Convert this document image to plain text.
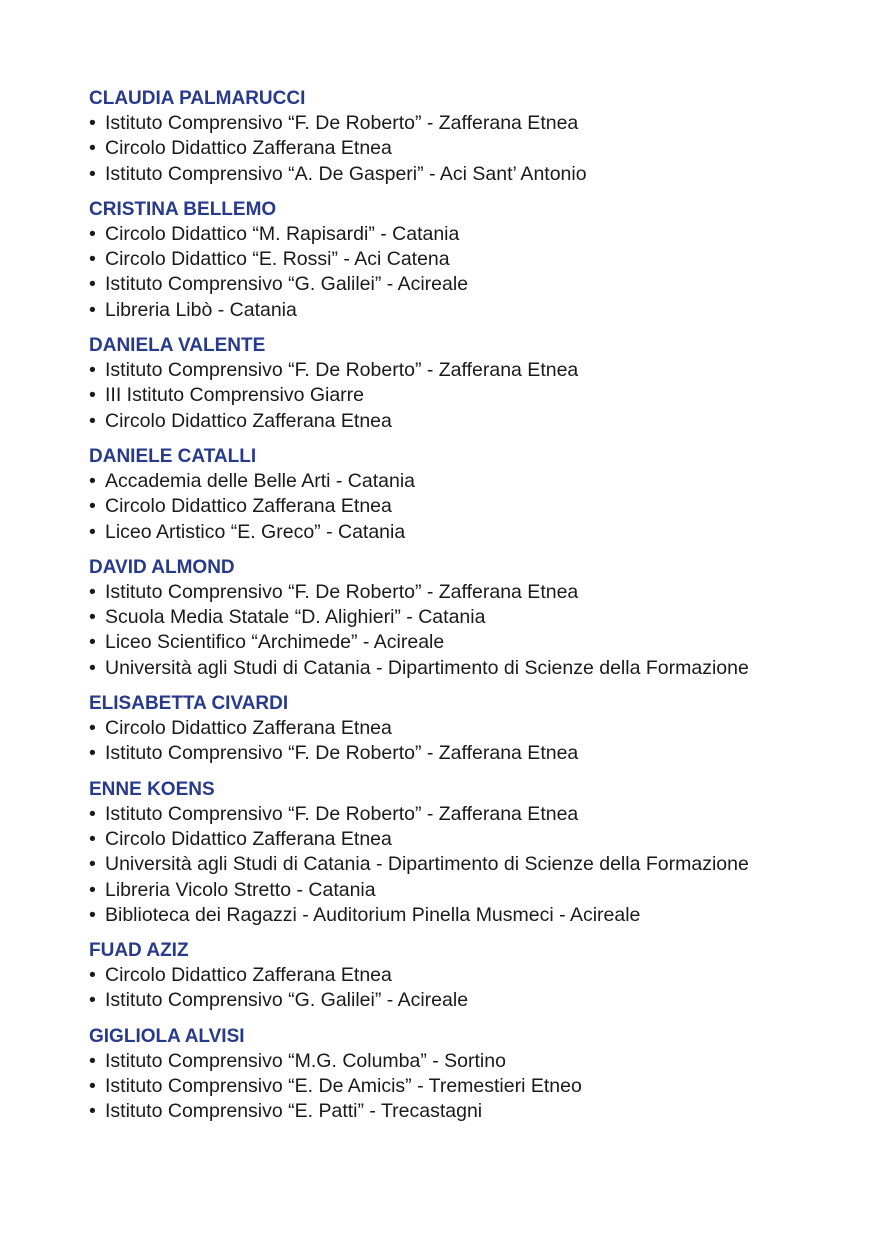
CLAUDIA PALMARUCCI
• Istituto Comprensivo “F. De Roberto” - Zafferana Etnea
• Circolo Didattico Zafferana Etnea
• Istituto Comprensivo “A. De Gasperi” - Aci Sant’ Antonio
CRISTINA BELLEMO
• Circolo Didattico “M. Rapisardi” - Catania
• Circolo Didattico “E. Rossi” - Aci Catena
• Istituto Comprensivo “G. Galilei” - Acireale
• Libreria Libò - Catania
DANIELA VALENTE
• Istituto Comprensivo “F. De Roberto” - Zafferana Etnea
• III Istituto Comprensivo Giarre
• Circolo Didattico Zafferana Etnea
DANIELE CATALLI
• Accademia delle Belle Arti - Catania
• Circolo Didattico Zafferana Etnea
• Liceo Artistico “E. Greco” - Catania
DAVID ALMOND
• Istituto Comprensivo “F. De Roberto” - Zafferana Etnea
• Scuola Media Statale “D. Alighieri” - Catania
• Liceo Scientifico “Archimede” - Acireale
• Università agli Studi di Catania - Dipartimento di Scienze della Formazione
ELISABETTA CIVARDI
• Circolo Didattico Zafferana Etnea
• Istituto Comprensivo “F. De Roberto” - Zafferana Etnea
ENNE KOENS
• Istituto Comprensivo “F. De Roberto” - Zafferana Etnea
• Circolo Didattico Zafferana Etnea
• Università agli Studi di Catania - Dipartimento di Scienze della Formazione
• Libreria Vicolo Stretto - Catania
• Biblioteca dei Ragazzi - Auditorium Pinella Musmeci - Acireale
FUAD AZIZ
• Circolo Didattico Zafferana Etnea
• Istituto Comprensivo “G. Galilei” - Acireale
GIGLIOLA ALVISI
• Istituto Comprensivo “M.G. Columba” - Sortino
• Istituto Comprensivo “E. De Amicis” - Tremestieri Etneo
• Istituto Comprensivo “E. Patti” - Trecastagni
